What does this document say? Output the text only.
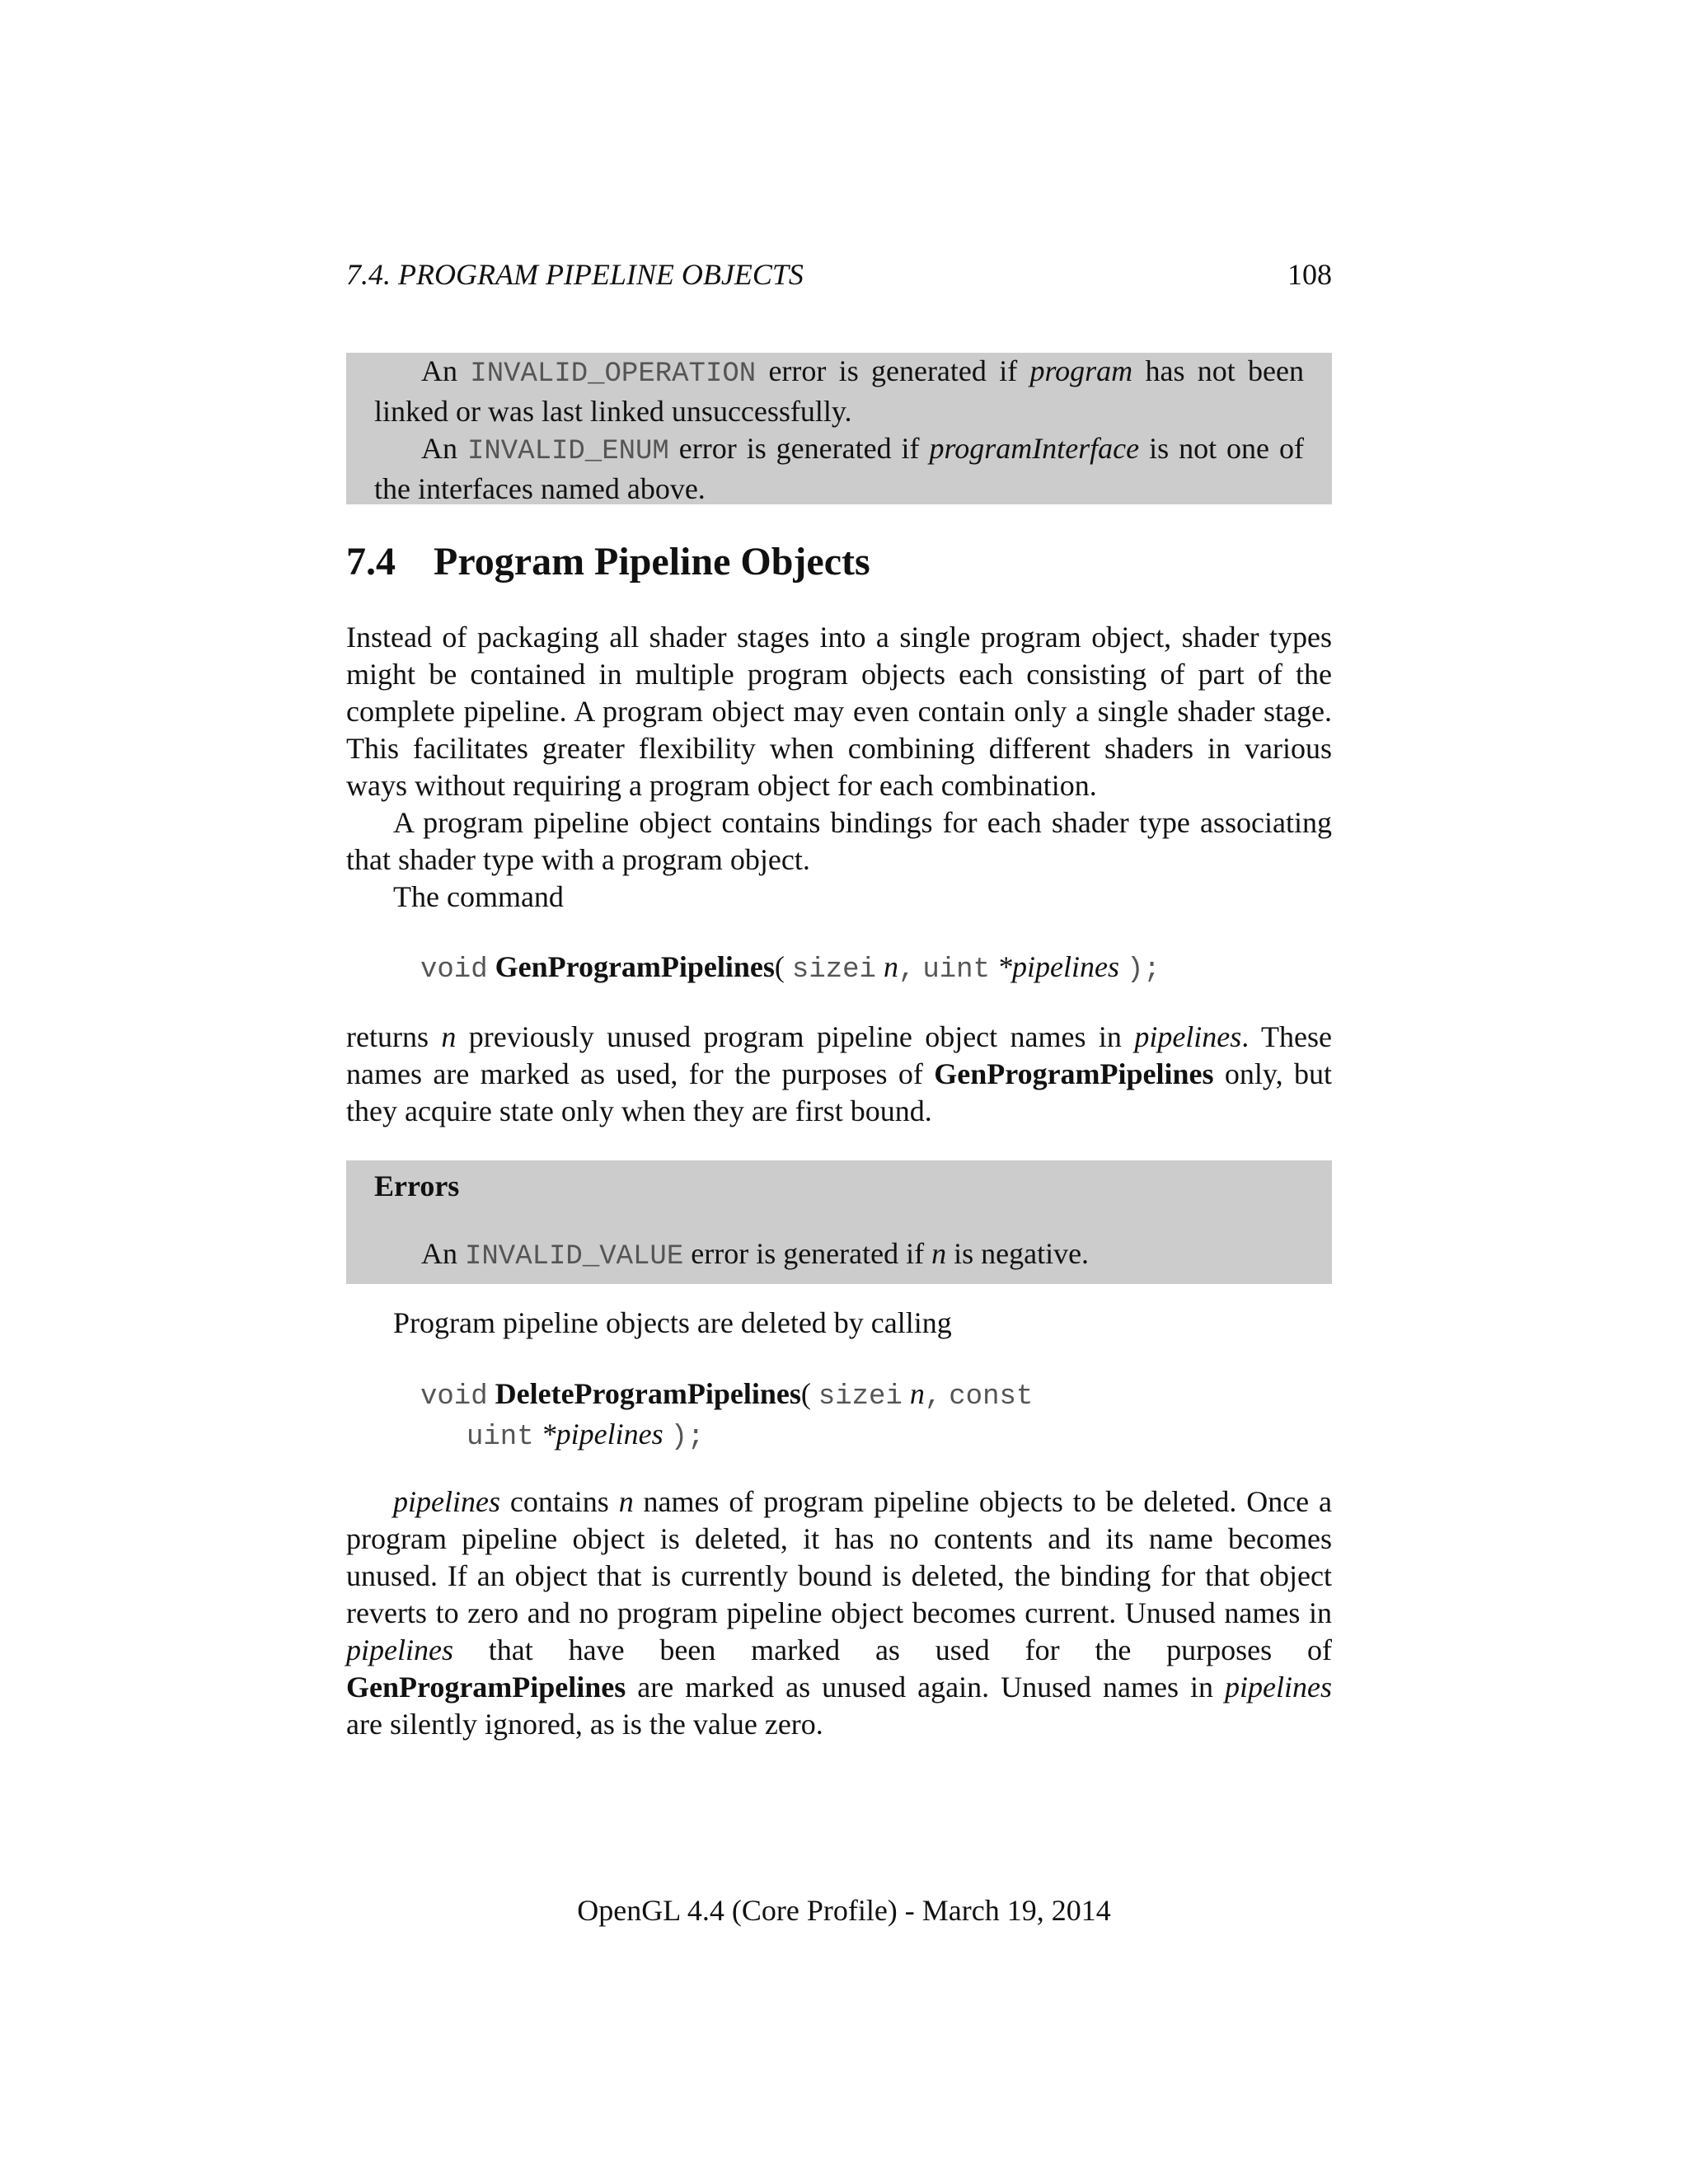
7.4. PROGRAM PIPELINE OBJECTS	108

An INVALID_OPERATION error is generated if program has not been linked or was last linked unsuccessfully.

An INVALID_ENUM error is generated if programInterface is not one of the interfaces named above.

7.4 Program Pipeline Objects

Instead of packaging all shader stages into a single program object, shader types might be contained in multiple program objects each consisting of part of the complete pipeline. A program object may even contain only a single shader stage. This facilitates greater flexibility when combining different shaders in various ways without requiring a program object for each combination.

A program pipeline object contains bindings for each shader type associating that shader type with a program object.

The command
void GenProgramPipelines( sizei n, uint *pipelines );

returns n previously unused program pipeline object names in pipelines. These names are marked as used, for the purposes of GenProgramPipelines only, but they acquire state only when they are first bound.

Errors
An INVALID_VALUE error is generated if n is negative.
Program pipeline objects are deleted by calling
void DeleteProgramPipelines( sizei n, const
uint *pipelines );

pipelines contains n names of program pipeline objects to be deleted. Once a program pipeline object is deleted, it has no contents and its name becomes unused. If an object that is currently bound is deleted, the binding for that object reverts to zero and no program pipeline object becomes current. Unused names in pipelines that have been marked as used for the purposes of GenProgramPipelines are marked as unused again. Unused names in pipelines are silently ignored, as is the value zero.

OpenGL 4.4 (Core Profile) - March 19, 2014
